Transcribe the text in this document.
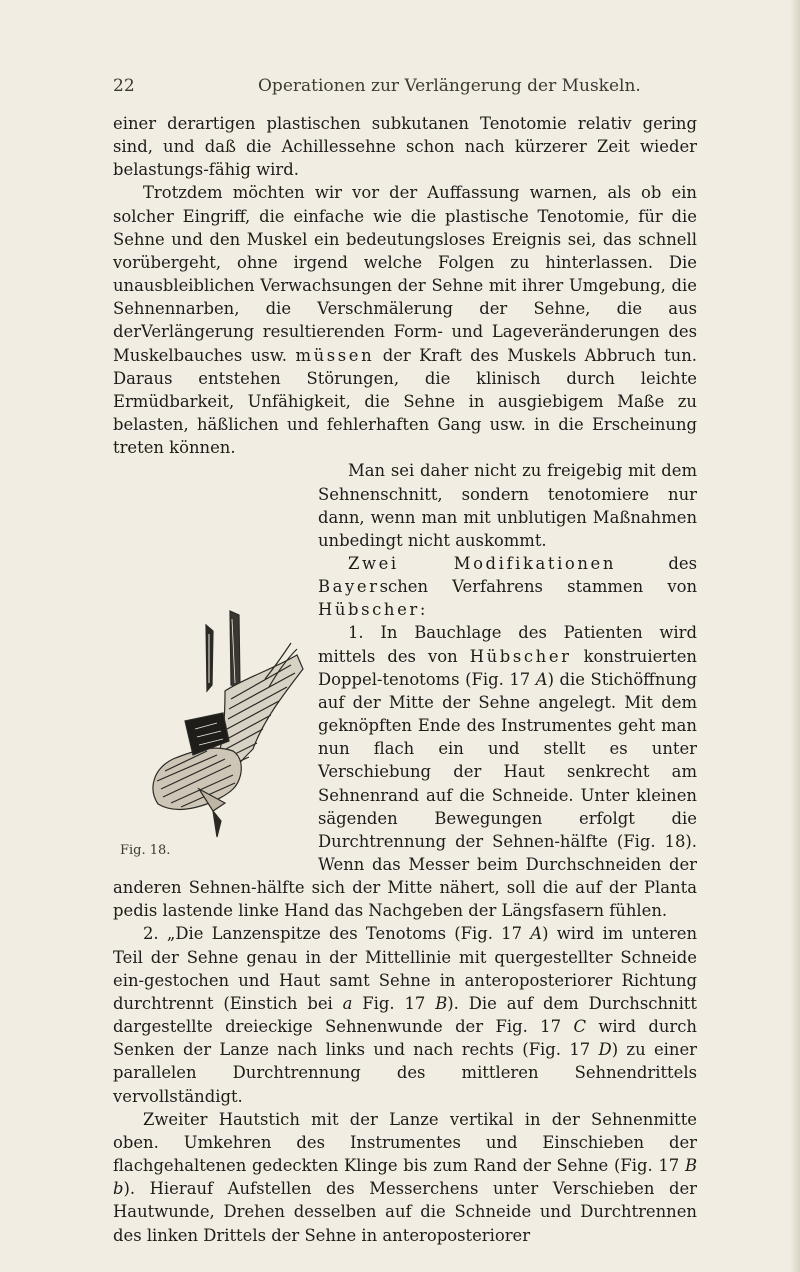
22	Operationen zur Verlängerung der Muskeln.

einer derartigen plastischen subkutanen Tenotomie relativ gering sind, und daß die Achillessehne schon nach kürzerer Zeit wieder belastungs-fähig wird.

Trotzdem möchten wir vor der Auffassung warnen, als ob ein solcher Eingriff, die einfache wie die plastische Tenotomie, für die Sehne und den Muskel ein bedeutungsloses Ereignis sei, das schnell vorübergeht, ohne irgend welche Folgen zu hinterlassen. Die unausbleiblichen Verwachsungen der Sehne mit ihrer Umgebung, die Sehnennarben, die Verschmälerung der Sehne, die aus derVerlängerung resultierenden Form- und Lageveränderungen des Muskelbauches usw. müssen der Kraft des Muskels Abbruch tun. Daraus entstehen Störungen, die klinisch durch leichte Ermüdbarkeit, Unfähigkeit, die Sehne in ausgiebigem Maße zu belasten, häßlichen und fehlerhaften Gang usw. in die Erscheinung treten können.

Fig. 18.

Man sei daher nicht zu freigebig mit dem Sehnenschnitt, sondern tenotomiere nur dann, wenn man mit unblutigen Maßnahmen unbedingt nicht auskommt.

Zwei Modifikationen	des Bayerschen Verfahrens stammen von Hübscher:

1. In Bauchlage des Patienten wird mittels des von Hübscher konstruierten Doppel-tenotoms (Fig. 17 A) die Stichöffnung auf der Mitte der Sehne angelegt. Mit dem geknöpften Ende des Instrumentes geht man nun flach ein und stellt es unter Verschiebung der Haut senkrecht am Sehnenrand auf die Schneide. Unter kleinen sägenden Bewegungen erfolgt die Durchtrennung der Sehnen-hälfte (Fig. 18). Wenn das Messer beim Durchschneiden der anderen Sehnen-hälfte sich der Mitte nähert, soll die auf der Planta pedis lastende linke Hand das Nachgeben der Längsfasern fühlen.

2. „Die Lanzenspitze des Tenotoms (Fig. 17 A) wird im unteren Teil der Sehne genau in der Mittellinie mit quergestellter Schneide ein-gestochen und Haut samt Sehne in anteroposteriorer Richtung durchtrennt (Einstich bei a Fig. 17 B). Die auf dem Durchschnitt dargestellte dreieckige Sehnenwunde der Fig. 17 C wird durch Senken der Lanze nach links und nach rechts (Fig. 17 D) zu einer parallelen Durchtrennung des mittleren Sehnendrittels vervollständigt.

Zweiter Hautstich mit der Lanze vertikal in der Sehnenmitte oben. Umkehren des Instrumentes und Einschieben der flachgehaltenen gedeckten Klinge bis zum Rand der Sehne (Fig. 17 B b). Hierauf Aufstellen des Messerchens unter Verschieben der Hautwunde, Drehen desselben auf die Schneide und Durchtrennen des linken Drittels der Sehne in anteroposteriorer
